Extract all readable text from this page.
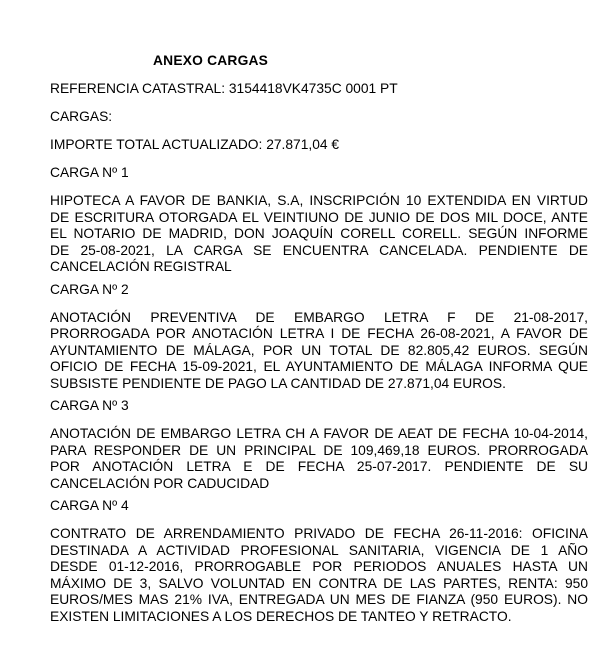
ANEXO CARGAS
REFERENCIA CATASTRAL: 3154418VK4735C 0001 PT
CARGAS:
IMPORTE TOTAL ACTUALIZADO: 27.871,04 €
CARGA Nº 1
HIPOTECA A FAVOR DE BANKIA, S.A, INSCRIPCIÓN 10 EXTENDIDA EN VIRTUD
DE ESCRITURA OTORGADA EL VEINTIUNO DE JUNIO DE DOS MIL DOCE, ANTE
EL NOTARIO DE MADRID, DON JOAQUÍN CORELL CORELL. SEGÚN INFORME
DE 25-08-2021, LA CARGA SE ENCUENTRA CANCELADA. PENDIENTE DE
CANCELACIÓN REGISTRAL
CARGA Nº 2
ANOTACIÓN PREVENTIVA DE EMBARGO LETRA F DE 21-08-2017,
PRORROGADA POR ANOTACIÓN LETRA I DE FECHA 26-08-2021, A FAVOR DE
AYUNTAMIENTO DE MÁLAGA, POR UN TOTAL DE 82.805,42 EUROS. SEGÚN
OFICIO DE FECHA 15-09-2021, EL AYUNTAMIENTO DE MÁLAGA INFORMA QUE
SUBSISTE PENDIENTE DE PAGO LA CANTIDAD DE 27.871,04 EUROS.
CARGA Nº 3
ANOTACIÓN DE EMBARGO LETRA CH A FAVOR DE AEAT DE FECHA 10-04-2014,
PARA RESPONDER DE UN PRINCIPAL DE 109,469,18 EUROS. PRORROGADA
POR ANOTACIÓN LETRA E DE FECHA 25-07-2017. PENDIENTE DE SU
CANCELACIÓN POR CADUCIDAD
CARGA Nº 4
CONTRATO DE ARRENDAMIENTO PRIVADO DE FECHA 26-11-2016: OFICINA
DESTINADA A ACTIVIDAD PROFESIONAL SANITARIA, VIGENCIA DE 1 AÑO
DESDE 01-12-2016, PRORROGABLE POR PERIODOS ANUALES HASTA UN
MÁXIMO DE 3, SALVO VOLUNTAD EN CONTRA DE LAS PARTES, RENTA: 950
EUROS/MES MAS 21% IVA, ENTREGADA UN MES DE FIANZA (950 EUROS). NO
EXISTEN LIMITACIONES A LOS DERECHOS DE TANTEO Y RETRACTO.
